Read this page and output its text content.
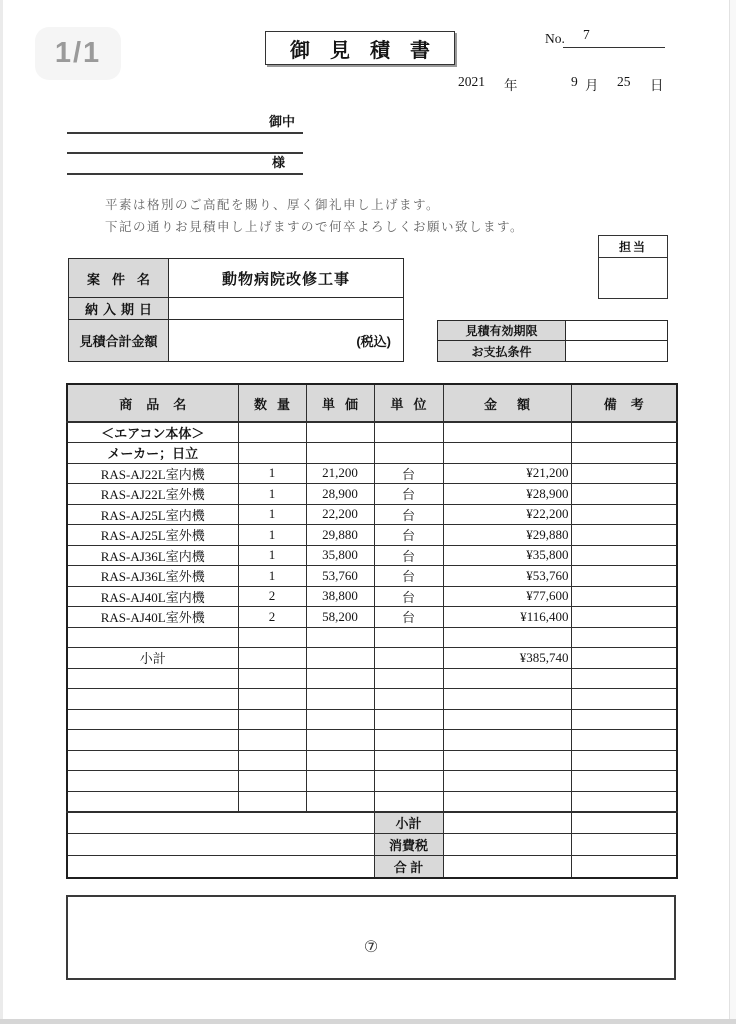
1/1	御見積書
No.	7
2021 年	9 月 25 日
御中
様
平素は格別のご高配を賜り、厚く御礼申し上げます。
下記の通りお見積申し上げますので何卒よろしくお願い致します。
担当
案件名	動物病院改修工事
納入期日
見積合計金額	(税込)
見積有効期限
お支払条件
商品名	数量	単価	単位	金額	備考
＜エアコン本体＞					
メーカー；日立					
RAS-AJ22L室内機	1	21,200	台	¥21,200	
RAS-AJ22L室外機	1	28,900	台	¥28,900	
RAS-AJ25L室内機	1	22,200	台	¥22,200	
RAS-AJ25L室外機	1	29,880	台	¥29,880	
RAS-AJ36L室内機	1	35,800	台	¥35,800	
RAS-AJ36L室外機	1	53,760	台	¥53,760	
RAS-AJ40L室内機	2	38,800	台	¥77,600	
RAS-AJ40L室外機	2	58,200	台	¥116,400	

小計				¥385,740	

			小計		
			消費税		
			合 計		
⑦
